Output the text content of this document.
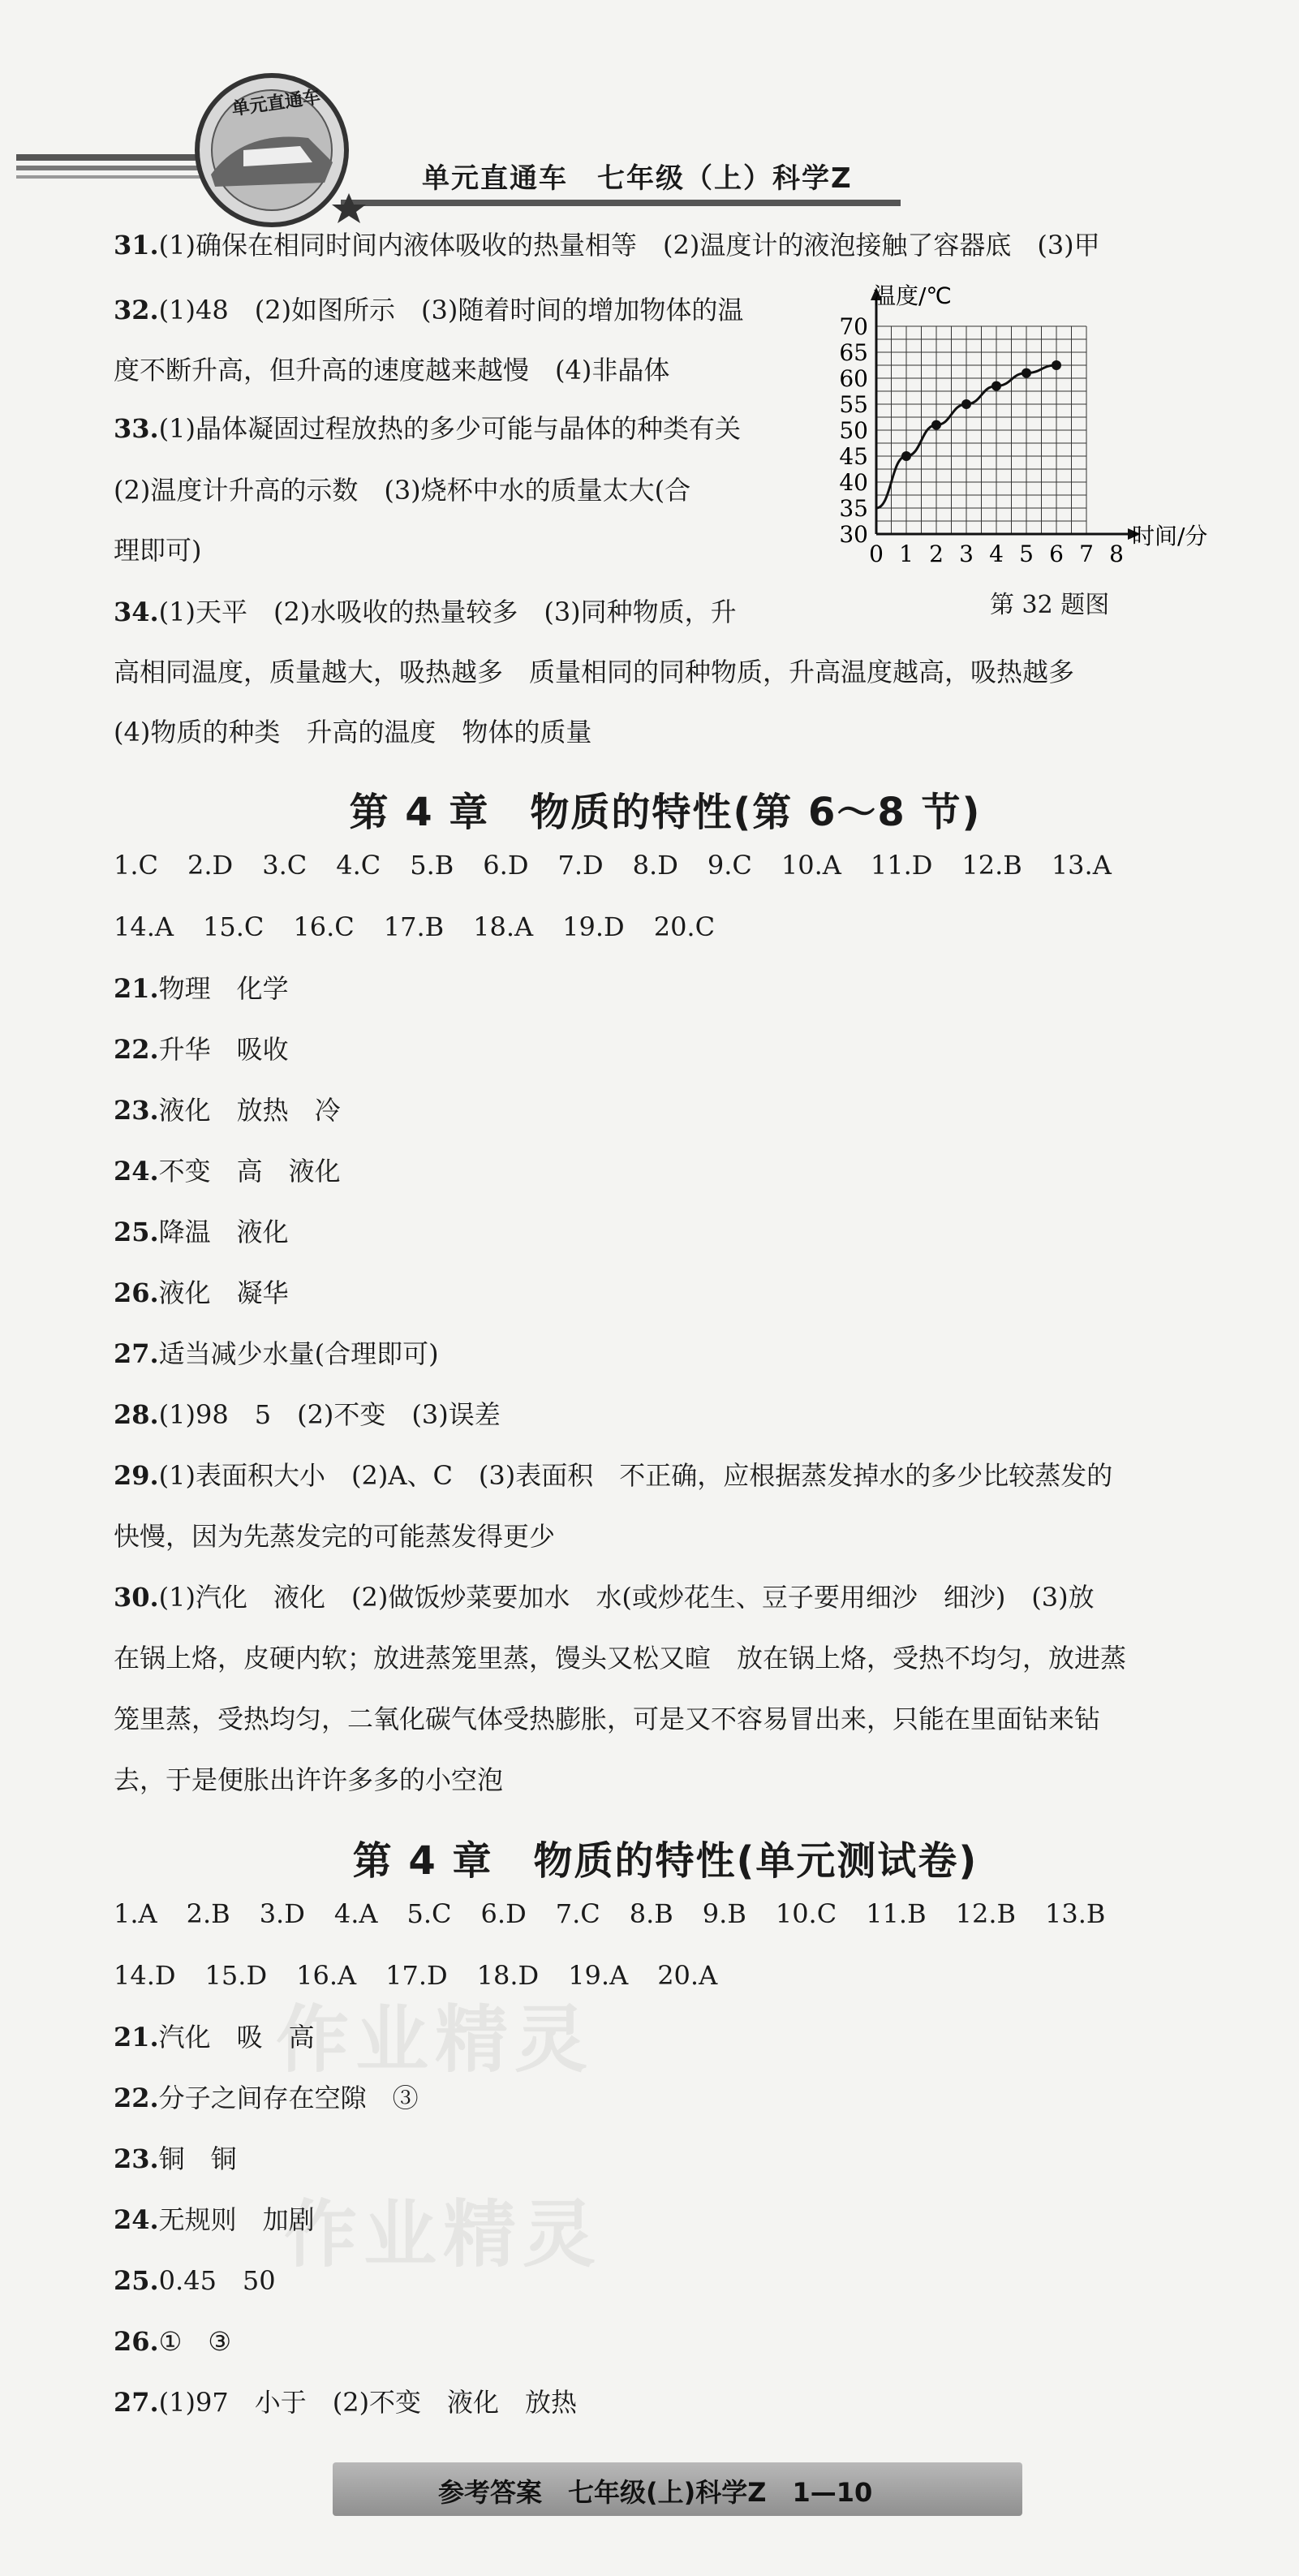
单元直通车
单元直通车　七年级（上）科学Z
31.(1)确保在相同时间内液体吸收的热量相等　(2)温度计的液泡接触了容器底　(3)甲
32.(1)48　(2)如图所示　(3)随着时间的增加物体的温
度不断升高，但升高的速度越来越慢　(4)非晶体
33.(1)晶体凝固过程放热的多少可能与晶体的种类有关
(2)温度计升高的示数　(3)烧杯中水的质量太大(合
理即可)
34.(1)天平　(2)水吸收的热量较多　(3)同种物质，升
高相同温度，质量越大，吸热越多　质量相同的同种物质，升高温度越高，吸热越多
(4)物质的种类　升高的温度　物体的质量
0 1 2 3 4 5 6 7 8
30
35
40
45
50
55
60
65
70
温度/℃
时间/分
第 32 题图
第 4 章　物质的特性(第 6～8 节)
1.C 2.D 3.C 4.C 5.B 6.D 7.D 8.D 9.C 10.A 11.D 12.B 13.A
14.A 15.C 16.C 17.B 18.A 19.D 20.C
21.物理　化学
22.升华　吸收
23.液化　放热　冷
24.不变　高　液化
25.降温　液化
26.液化　凝华
27.适当减少水量(合理即可)
28.(1)98　5　(2)不变　(3)误差
29.(1)表面积大小　(2)A、C　(3)表面积　不正确，应根据蒸发掉水的多少比较蒸发的
快慢，因为先蒸发完的可能蒸发得更少
30.(1)汽化　液化　(2)做饭炒菜要加水　水(或炒花生、豆子要用细沙　细沙)　(3)放
在锅上烙，皮硬内软；放进蒸笼里蒸，馒头又松又暄　放在锅上烙，受热不均匀，放进蒸
笼里蒸，受热均匀，二氧化碳气体受热膨胀，可是又不容易冒出来，只能在里面钻来钻
去，于是便胀出许许多多的小空泡
第 4 章　物质的特性(单元测试卷)
1.A 2.B 3.D 4.A 5.C 6.D 7.C 8.B 9.B 10.C 11.B 12.B 13.B
14.D 15.D 16.A 17.D 18.D 19.A 20.A
21.汽化　吸　高
22.分子之间存在空隙　③
23.铜　铜
24.无规则　加剧
25.0.45　50
26.①　③
27.(1)97　小于　(2)不变　液化　放热
作业精灵
作业精灵
参考答案　七年级(上)科学Z　1—10
